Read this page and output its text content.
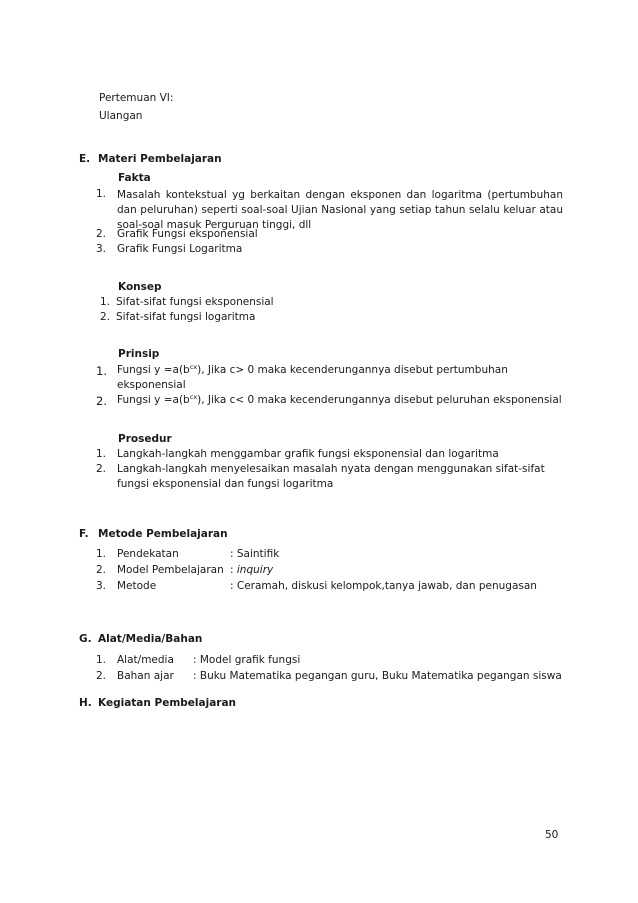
Pertemuan VI:
Ulangan
E. Materi Pembelajaran
Fakta
1. Masalah kontekstual yg berkaitan dengan eksponen dan logaritma (pertumbuhan dan peluruhan) seperti soal-soal Ujian Nasional yang setiap tahun selalu keluar atau soal-soal masuk Perguruan tinggi, dll
2. Grafik Fungsi eksponensial
3. Grafik Fungsi Logaritma
Konsep
1. Sifat-sifat fungsi eksponensial
2. Sifat-sifat fungsi logaritma
Prinsip
1. Fungsi $y =a(b^{cx})$, Jika c> 0 maka kecenderungannya disebut pertumbuhan
eksponensial
2. Fungsi $y =a(b^{cx})$, Jika c< 0 maka kecenderungannya disebut peluruhan eksponensial
Prosedur
1. Langkah-langkah menggambar grafik fungsi eksponensial dan logaritma
2. Langkah-langkah menyelesaikan masalah nyata dengan menggunakan sifat-sifat
fungsi eksponensial dan fungsi logaritma
F. Metode Pembelajaran
1. Pendekatan	: Saintifik
2. Model Pembelajaran : inquiry
3. Metode	: Ceramah, diskusi kelompok,tanya jawab, dan penugasan
G. Alat/Media/Bahan
1. Alat/media : Model grafik fungsi
2. Bahan ajar : Buku Matematika pegangan guru, Buku Matematika pegangan siswa
H. Kegiatan Pembelajaran
50
